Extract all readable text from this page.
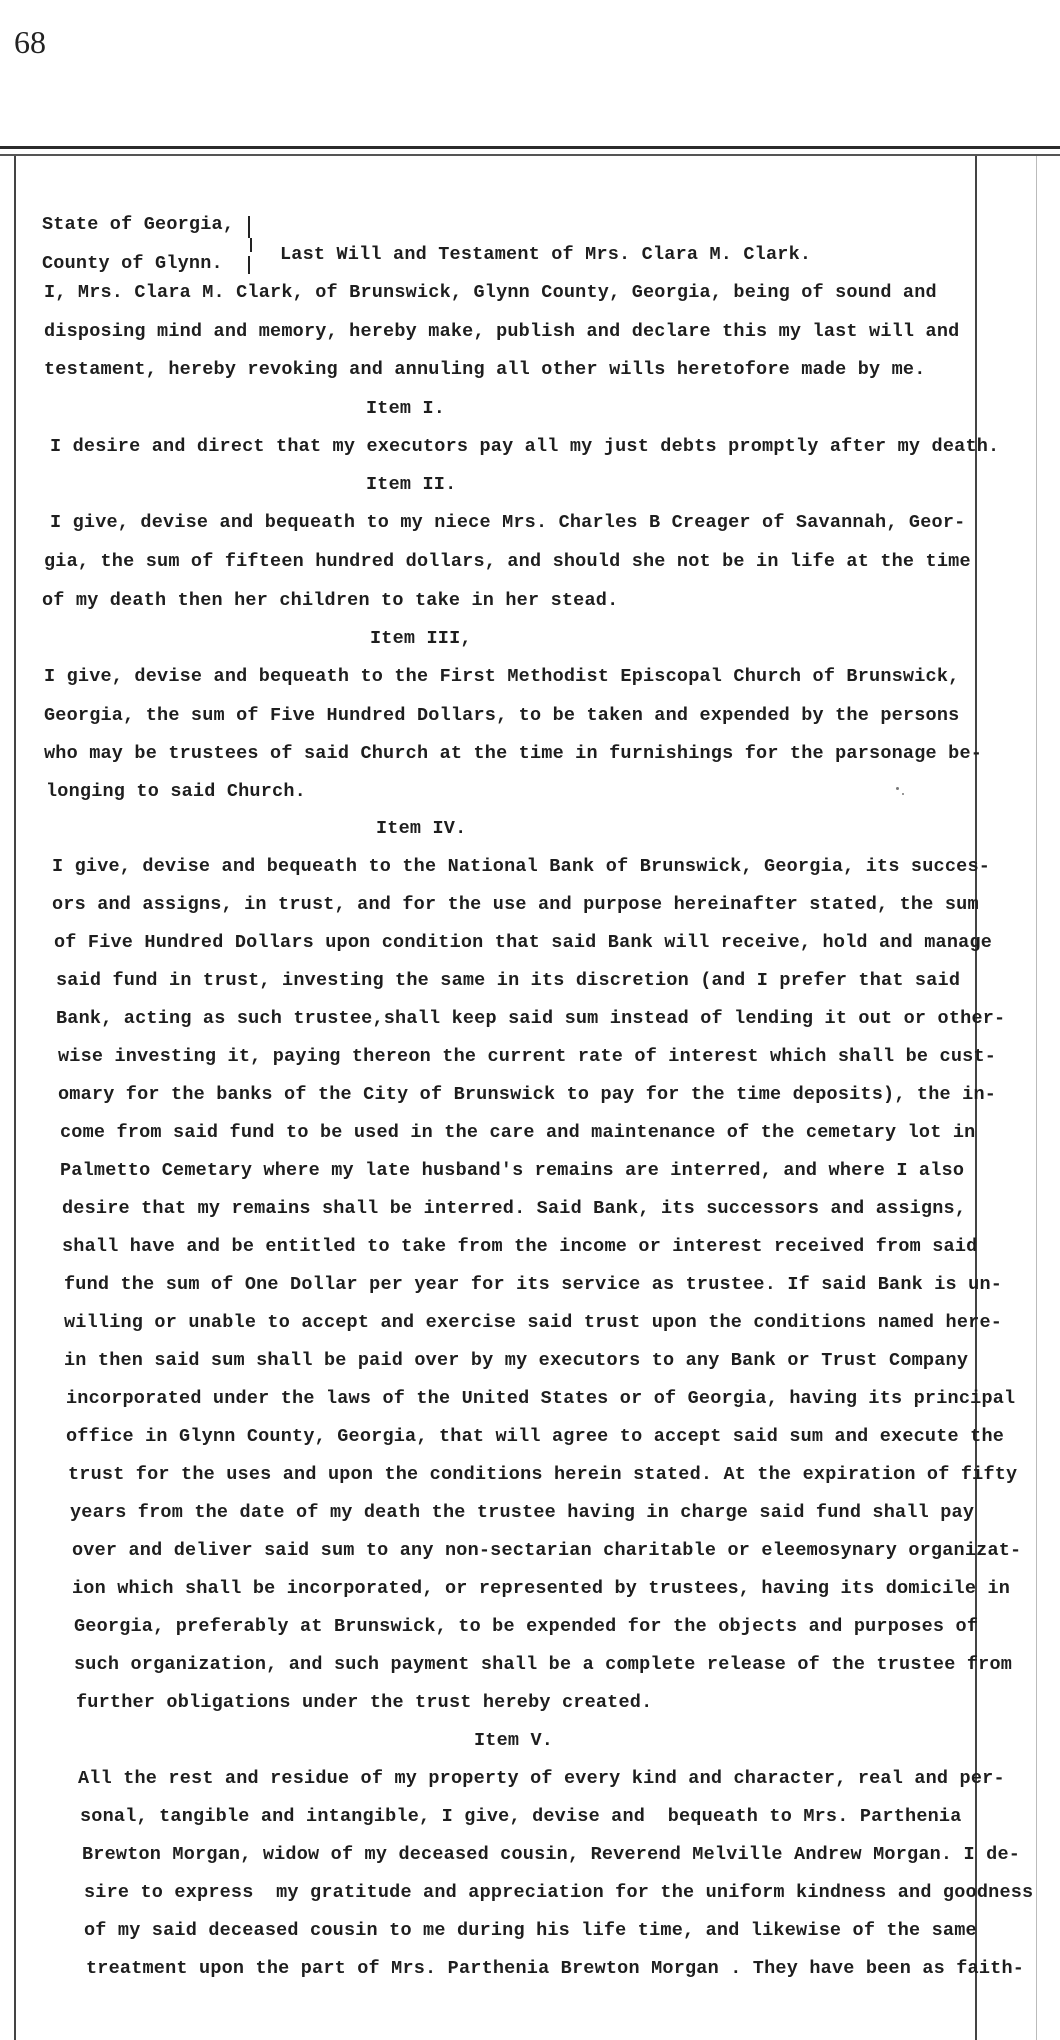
68
State of Georgia,
County of Glynn.	Last Will and Testament of Mrs. Clara M. Clark.
I, Mrs. Clara M. Clark, of Brunswick, Glynn County, Georgia, being of sound and
disposing mind and memory, hereby make, publish and declare this my last will and
testament, hereby revoking and annuling all other wills heretofore made by me.
Item I.
I desire and direct that my executors pay all my just debts promptly after my death.
Item II.
I give, devise and bequeath to my niece Mrs. Charles B Creager of Savannah, Geor-
gia, the sum of fifteen hundred dollars, and should she not be in life at the time
of my death then her children to take in her stead.
Item III,
I give, devise and bequeath to the First Methodist Episcopal Church of Brunswick,
Georgia, the sum of Five Hundred Dollars, to be taken and expended by the persons
who may be trustees of said Church at the time in furnishings for the parsonage be-
longing to said Church.
Item IV.
I give, devise and bequeath to the National Bank of Brunswick, Georgia, its succes-
ors and assigns, in trust, and for the use and purpose hereinafter stated, the sum
of Five Hundred Dollars upon condition that said Bank will receive, hold and manage
said fund in trust, investing the same in its discretion (and I prefer that said
Bank, acting as such trustee,shall keep said sum instead of lending it out or other-
wise investing it, paying thereon the current rate of interest which shall be cust-
omary for the banks of the City of Brunswick to pay for the time deposits), the in-
come from said fund to be used in the care and maintenance of the cemetary lot in
Palmetto Cemetary where my late husband's remains are interred, and where I also
desire that my remains shall be interred. Said Bank, its successors and assigns,
shall have and be entitled to take from the income or interest received from said
fund the sum of One Dollar per year for its service as trustee. If said Bank is un-
willing or unable to accept and exercise said trust upon the conditions named here-
in then said sum shall be paid over by my executors to any Bank or Trust Company
incorporated under the laws of the United States or of Georgia, having its principal
office in Glynn County, Georgia, that will agree to accept said sum and execute the
trust for the uses and upon the conditions herein stated. At the expiration of fifty
years from the date of my death the trustee having in charge said fund shall pay
over and deliver said sum to any non-sectarian charitable or eleemosynary organizat-
ion which shall be incorporated, or represented by trustees, having its domicile in
Georgia, preferably at Brunswick, to be expended for the objects and purposes of
such organization, and such payment shall be a complete release of the trustee from
further obligations under the trust hereby created.
Item V.
All the rest and residue of my property of every kind and character, real and per-
sonal, tangible and intangible, I give, devise and  bequeath to Mrs. Parthenia
Brewton Morgan, widow of my deceased cousin, Reverend Melville Andrew Morgan. I de-
sire to express  my gratitude and appreciation for the uniform kindness and goodness
of my said deceased cousin to me during his life time, and likewise of the same
treatment upon the part of Mrs. Parthenia Brewton Morgan . They have been as faith-
